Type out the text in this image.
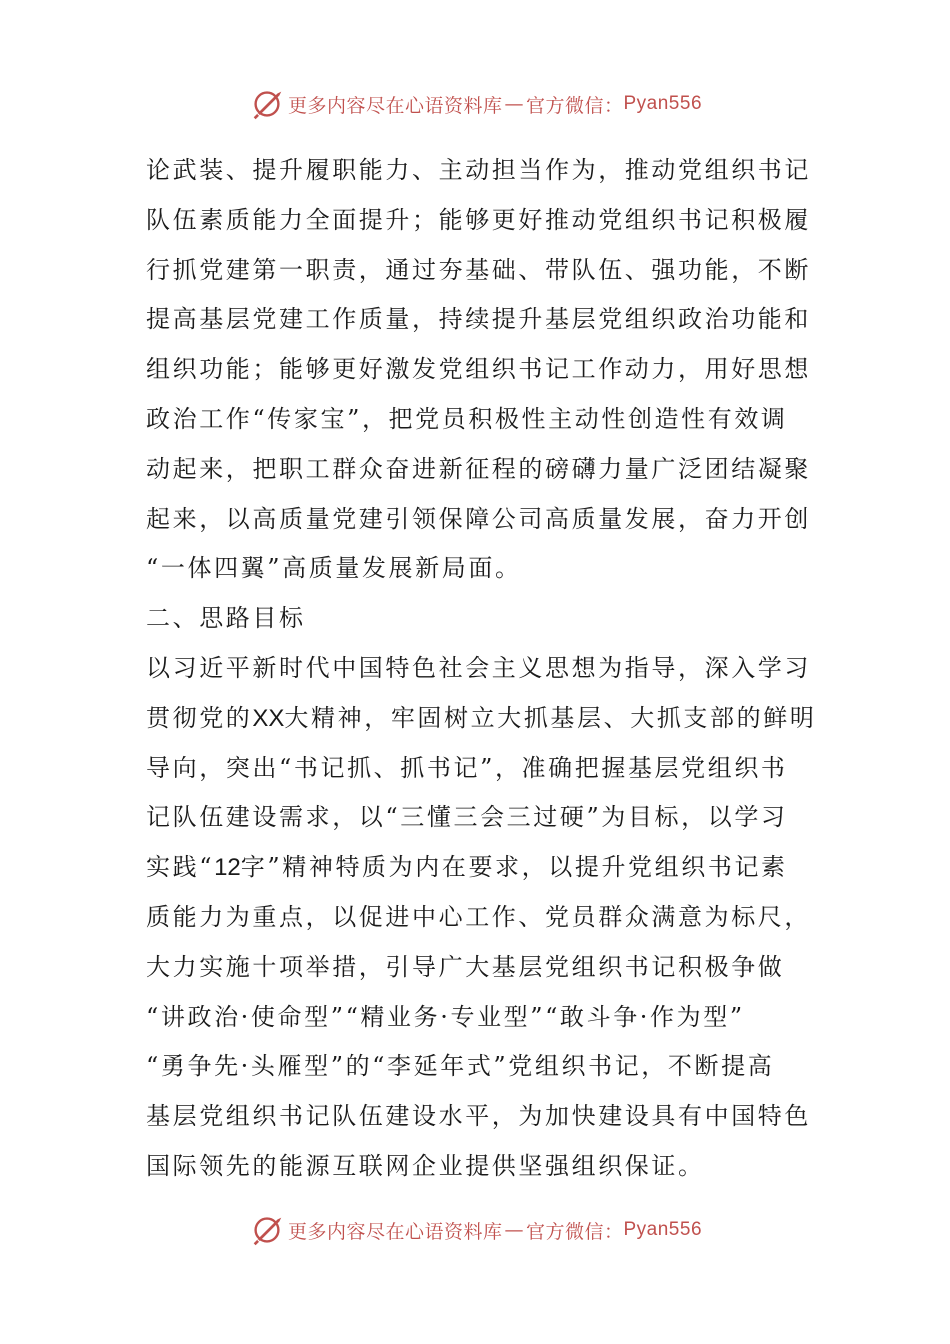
更多内容尽在心语资料库 — 官方微信： Pyan556
论武装、提升履职能力、主动担当作为，推动党组织书记
队伍素质能力全面提升；能够更好推动党组织书记积极履
行抓党建第一职责，通过夯基础、带队伍、强功能，不断
提高基层党建工作质量，持续提升基层党组织政治功能和
组织功能；能够更好激发党组织书记工作动力，用好思想
政治工作“传家宝”，把党员积极性主动性创造性有效调
动起来，把职工群众奋进新征程的磅礴力量广泛团结凝聚
起来，以高质量党建引领保障公司高质量发展，奋力开创
“一体四翼”高质量发展新局面。
二、思路目标
以习近平新时代中国特色社会主义思想为指导，深入学习
贯彻党的XX大精神，牢固树立大抓基层、大抓支部的鲜明
导向，突出“书记抓、抓书记”，准确把握基层党组织书
记队伍建设需求，以“三懂三会三过硬”为目标，以学习
实践“12字”精神特质为内在要求，以提升党组织书记素
质能力为重点，以促进中心工作、党员群众满意为标尺，
大力实施十项举措，引导广大基层党组织书记积极争做
“讲政治·使命型”“精业务·专业型”“敢斗争·作为型”
“勇争先·头雁型”的“李延年式”党组织书记，不断提高
基层党组织书记队伍建设水平，为加快建设具有中国特色
国际领先的能源互联网企业提供坚强组织保证。
更多内容尽在心语资料库 — 官方微信： Pyan556
